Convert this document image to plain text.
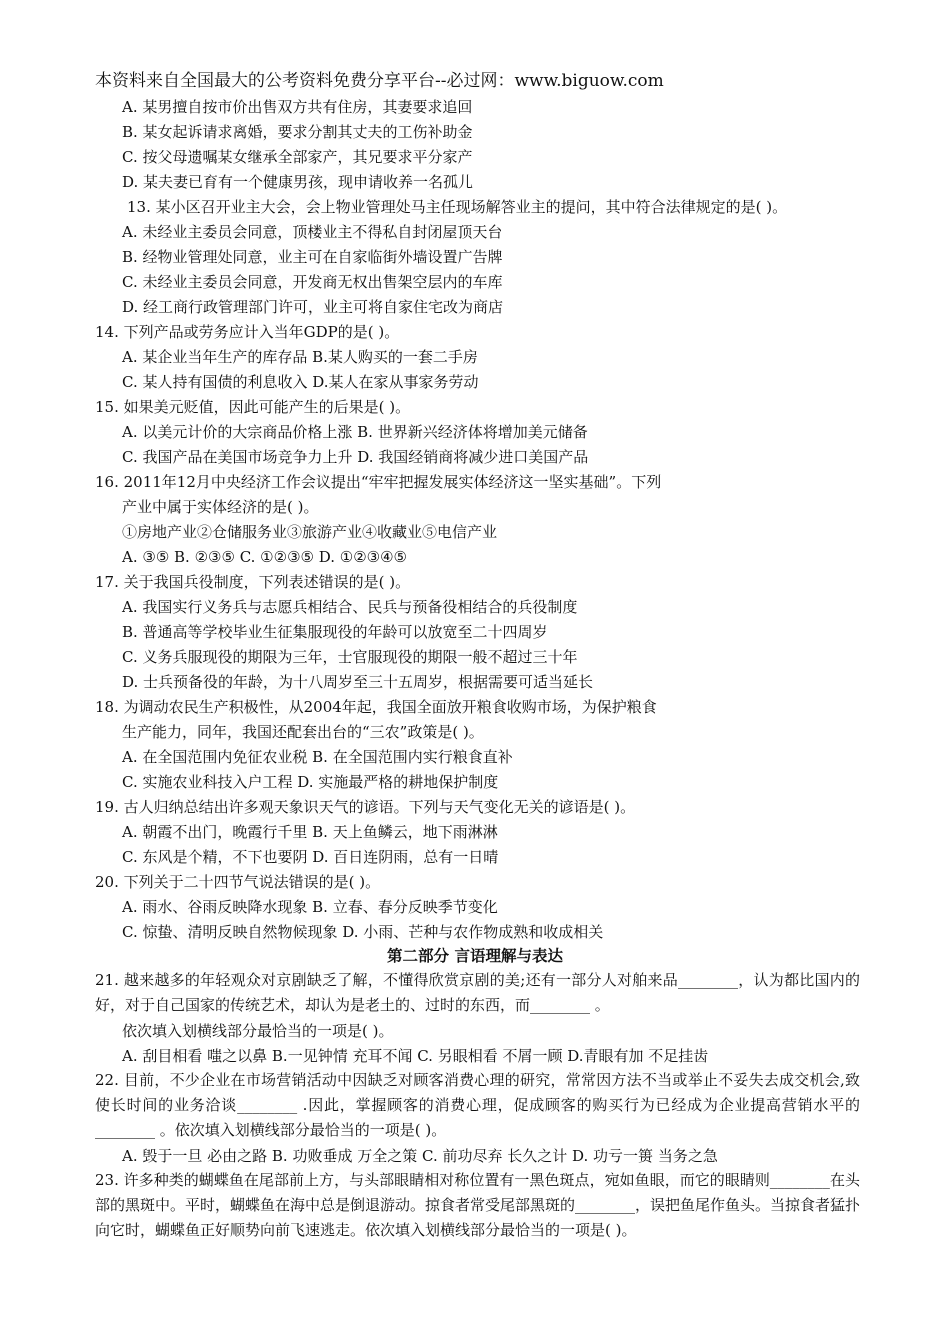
本资料来自全国最大的公考资料免费分享平台--必过网：www.biguow.com
A. 某男擅自按市价出售双方共有住房，其妻要求追回
B. 某女起诉请求离婚，要求分割其丈夫的工伤补助金
C. 按父母遗嘱某女继承全部家产，其兄要求平分家产
D. 某夫妻已育有一个健康男孩，现申请收养一名孤儿
13. 某小区召开业主大会，会上物业管理处马主任现场解答业主的提问，其中符合法律规定的是( )。
A. 未经业主委员会同意，顶楼业主不得私自封闭屋顶天台
B. 经物业管理处同意，业主可在自家临街外墙设置广告牌
C. 未经业主委员会同意，开发商无权出售架空层内的车库
D. 经工商行政管理部门许可，业主可将自家住宅改为商店
14. 下列产品或劳务应计入当年GDP的是( )。
A. 某企业当年生产的库存品 B.某人购买的一套二手房
C. 某人持有国债的利息收入 D.某人在家从事家务劳动
15. 如果美元贬值，因此可能产生的后果是( )。
A. 以美元计价的大宗商品价格上涨 B. 世界新兴经济体将增加美元储备
C. 我国产品在美国市场竞争力上升 D. 我国经销商将减少进口美国产品
16. 2011年12月中央经济工作会议提出“牢牢把握发展实体经济这一坚实基础”。下列
产业中属于实体经济的是( )。
①房地产业②仓储服务业③旅游产业④收藏业⑤电信产业
A. ③⑤ B. ②③⑤ C. ①②③⑤ D. ①②③④⑤
17. 关于我国兵役制度，下列表述错误的是( )。
A. 我国实行义务兵与志愿兵相结合、民兵与预备役相结合的兵役制度
B. 普通高等学校毕业生征集服现役的年龄可以放宽至二十四周岁
C. 义务兵服现役的期限为三年，士官服现役的期限一般不超过三十年
D. 士兵预备役的年龄，为十八周岁至三十五周岁，根据需要可适当延长
18. 为调动农民生产积极性，从2004年起，我国全面放开粮食收购市场，为保护粮食
生产能力，同年，我国还配套出台的“三农”政策是( )。
A. 在全国范围内免征农业税 B. 在全国范围内实行粮食直补
C. 实施农业科技入户工程 D. 实施最严格的耕地保护制度
19. 古人归纳总结出许多观天象识天气的谚语。下列与天气变化无关的谚语是( )。
A. 朝霞不出门，晚霞行千里 B. 天上鱼鳞云，地下雨淋淋
C. 东风是个精，不下也要阴 D. 百日连阴雨，总有一日晴
20. 下列关于二十四节气说法错误的是( )。
A. 雨水、谷雨反映降水现象 B. 立春、春分反映季节变化
C. 惊蛰、清明反映自然物候现象 D. 小雨、芒种与农作物成熟和收成相关
第二部分 言语理解与表达
21. 越来越多的年轻观众对京剧缺乏了解，不懂得欣赏京剧的美;还有一部分人对舶来品________，认为都比国内的好，对于自己国家的传统艺术，却认为是老土的、过时的东西，而________ 。
依次填入划横线部分最恰当的一项是( )。
A. 刮目相看 嗤之以鼻 B.一见钟情 充耳不闻 C. 另眼相看 不屑一顾 D.青眼有加 不足挂齿
22. 目前，不少企业在市场营销活动中因缺乏对顾客消费心理的研究，常常因方法不当或举止不妥失去成交机会,致使长时间的业务洽谈________ .因此，掌握顾客的消费心理，促成顾客的购买行为已经成为企业提高营销水平的________ 。依次填入划横线部分最恰当的一项是( )。
A. 毁于一旦 必由之路 B. 功败垂成 万全之策 C. 前功尽弃 长久之计 D. 功亏一篑 当务之急
23. 许多种类的蝴蝶鱼在尾部前上方，与头部眼睛相对称位置有一黑色斑点，宛如鱼眼，而它的眼睛则________在头部的黑斑中。平时，蝴蝶鱼在海中总是倒退游动。掠食者常受尾部黑斑的________，误把鱼尾作鱼头。当掠食者猛扑向它时，蝴蝶鱼正好顺势向前飞速逃走。依次填入划横线部分最恰当的一项是( )。
